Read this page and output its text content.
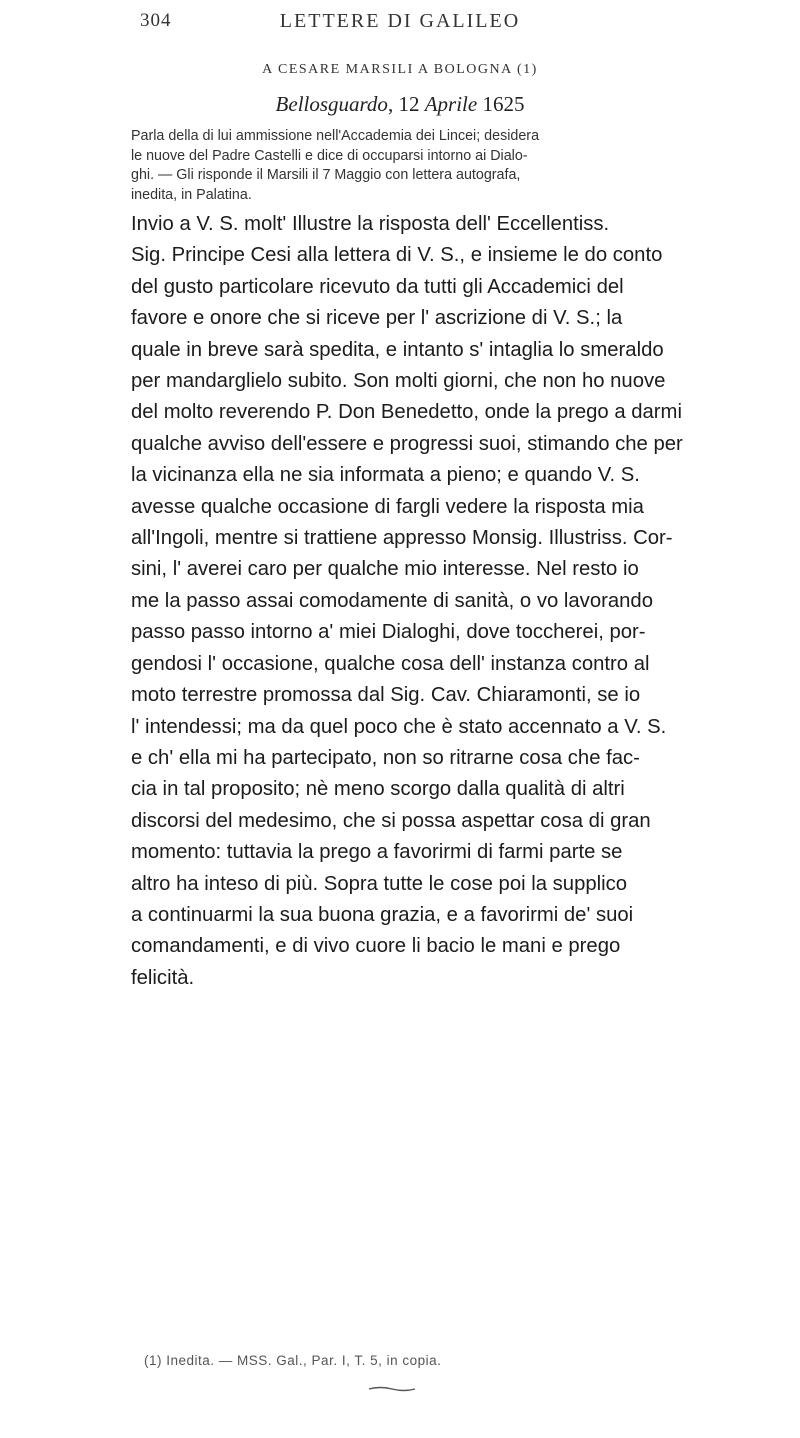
304	LETTERE DI GALILEO
A CESARE MARSILI A BOLOGNA (1)
Bellosguardo, 12 Aprile 1625

Parla della di lui ammissione nell'Accademia dei Lincei; desidera
le nuove del Padre Castelli e dice di occuparsi intorno ai Dialo-
ghi. — Gli risponde il Marsili il 7 Maggio con lettera autografa,
inedita, in Palatina.

Invio a V. S. molt' Illustre la risposta dell' Eccellentiss.
Sig. Principe Cesi alla lettera di V. S., e insieme le do conto
del gusto particolare ricevuto da tutti gli Accademici del
favore e onore che si riceve per l' ascrizione di V. S.; la
quale in breve sarà spedita, e intanto s' intaglia lo smeraldo
per mandarglielo subito. Son molti giorni, che non ho nuove
del molto reverendo P. Don Benedetto, onde la prego a darmi
qualche avviso dell'essere e progressi suoi, stimando che per
la vicinanza ella ne sia informata a pieno; e quando V. S.
avesse qualche occasione di fargli vedere la risposta mia
all'Ingoli, mentre si trattiene appresso Monsig. Illustriss. Cor-
sini, l' averei caro per qualche mio interesse. Nel resto io
me la passo assai comodamente di sanità, o vo lavorando
passo passo intorno a' miei Dialoghi, dove toccherei, por-
gendosi l' occasione, qualche cosa dell' instanza contro al
moto terrestre promossa dal Sig. Cav. Chiaramonti, se io
l' intendessi; ma da quel poco che è stato accennato a V. S.
e ch' ella mi ha partecipato, non so ritrarne cosa che fac-
cia in tal proposito; nè meno scorgo dalla qualità di altri
discorsi del medesimo, che si possa aspettar cosa di gran
momento: tuttavia la prego a favorirmi di farmi parte se
altro ha inteso di più. Sopra tutte le cose poi la supplico
a continuarmi la sua buona grazia, e a favorirmi de' suoi
comandamenti, e di vivo cuore li bacio le mani e prego
felicità.

(1) Inedita. — MSS. Gal., Par. I, T. 5, in copia.
